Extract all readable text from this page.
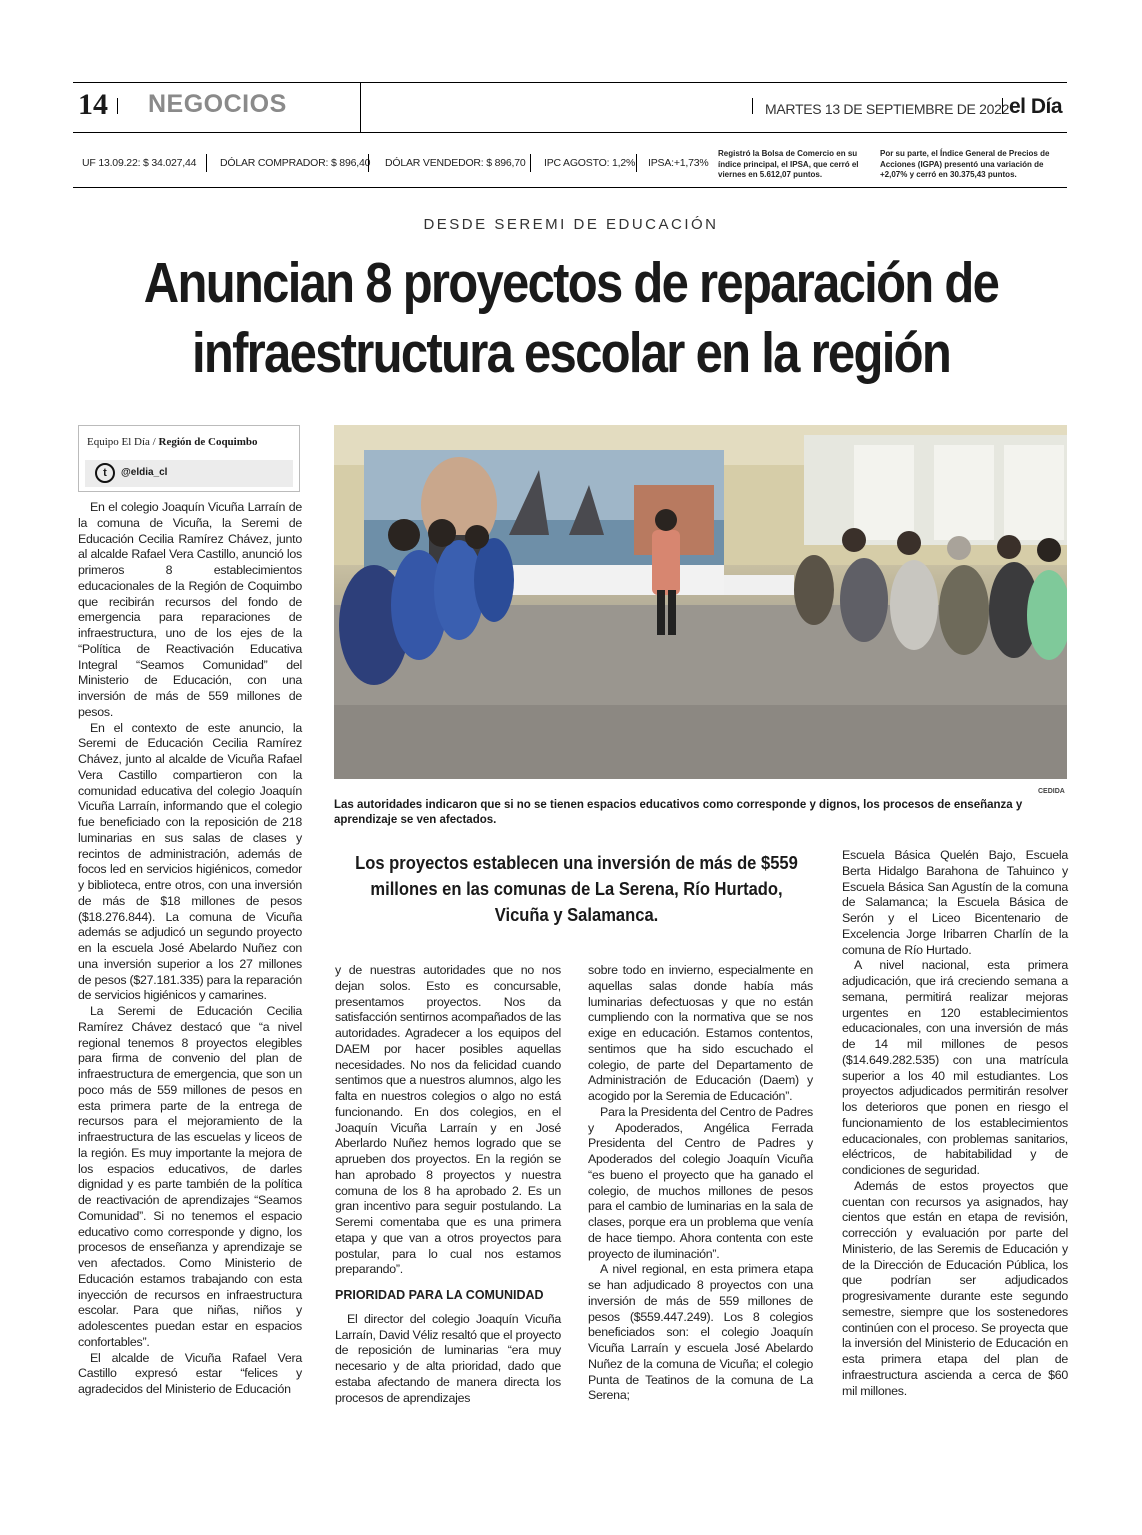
14 NEGOCIOS	MARTES 13 DE SEPTIEMBRE DE 2022 el Día
UF 13.09.22: $ 34.027,44 DÓLAR COMPRADOR: $ 896,40 DÓLAR VENDEDOR: $ 896,70 IPC AGOSTO: 1,2% IPSA:+1,73%
Registró la Bolsa de Comercio en su índice principal, el IPSA, que cerró el viernes en 5.612,07 puntos.
Por su parte, el Índice General de Precios de Acciones (IGPA) presentó una variación de +2,07% y cerró en 30.375,43 puntos.
DESDE SEREMI DE EDUCACIÓN
Anuncian 8 proyectos de reparación de
infraestructura escolar en la región
Equipo El Día / Región de Coquimbo
t	@eldia_cl
CEDIDA
Las autoridades indicaron que si no se tienen espacios educativos como corresponde y dignos, los procesos de enseñanza y aprendizaje se ven afectados.
Los proyectos establecen una inversión de más de $559 millones en las comunas de La Serena, Río Hurtado, Vicuña y Salamanca.

En el colegio Joaquín Vicuña Larraín de la comuna de Vicuña, la Seremi de Educación Cecilia Ramírez Chávez, junto al alcalde Rafael Vera Castillo, anunció los primeros 8 establecimientos educacionales de la Región de Coquimbo que recibirán recursos del fondo de emergencia para reparaciones de infraestructura, uno de los ejes de la “Política de Reactivación Educativa Integral “Seamos Comunidad” del Ministerio de Educación, con una inversión de más de 559 millones de pesos.

En el contexto de este anuncio, la Seremi de Educación Cecilia Ramírez Chávez, junto al alcalde de Vicuña Rafael Vera Castillo compartieron con la comunidad educativa del colegio Joaquín Vicuña Larraín, informando que el colegio fue beneficiado con la reposición de 218 luminarias en sus salas de clases y recintos de administración, además de focos led en servicios higiénicos, comedor y biblioteca, entre otros, con una inversión de más de $18 millones de pesos ($18.276.844). La comuna de Vicuña además se adjudicó un segundo proyecto en la escuela José Abelardo Nuñez con una inversión superior a los 27 millones de pesos ($27.181.335) para la reparación de servicios higiénicos y camarines.

La Seremi de Educación Cecilia Ramírez Chávez destacó que “a nivel regional tenemos 8 proyectos elegibles para firma de convenio del plan de infraestructura de emergencia, que son un poco más de 559 millones de pesos en esta primera parte de la entrega de recursos para el mejoramiento de la infraestructura de las escuelas y liceos de la región. Es muy importante la mejora de los espacios educativos, de darles dignidad y es parte también de la política de reactivación de aprendizajes “Seamos Comunidad”. Si no tenemos el espacio educativo como corresponde y digno, los procesos de enseñanza y aprendizaje se ven afectados. Como Ministerio de Educación estamos trabajando con esta inyección de recursos en infraestructura escolar. Para que niñas, niños y adolescentes puedan estar en espacios confortables”.

El alcalde de Vicuña Rafael Vera Castillo expresó estar “felices y agradecidos del Ministerio de Educación

y de nuestras autoridades que no nos dejan solos. Esto es concursable, presentamos proyectos. Nos da satisfacción sentirnos acompañados de las autoridades. Agradecer a los equipos del DAEM por hacer posibles aquellas necesidades. No nos da felicidad cuando sentimos que a nuestros alumnos, algo les falta en nuestros colegios o algo no está funcionando. En dos colegios, en el Joaquín Vicuña Larraín y en José Aberlardo Nuñez hemos logrado que se aprueben dos proyectos. En la región se han aprobado 8 proyectos y nuestra comuna de los 8 ha aprobado 2. Es un gran incentivo para seguir postulando. La Seremi comentaba que es una primera etapa y que van a otros proyectos para postular, para lo cual nos estamos preparando”.

PRIORIDAD PARA LA COMUNIDAD

El director del colegio Joaquín Vicuña Larraín, David Véliz resaltó que el proyecto de reposición de luminarias “era muy necesario y de alta prioridad, dado que estaba afectando de manera directa los procesos de aprendizajes

sobre todo en invierno, especialmente en aquellas salas donde había más luminarias defectuosas y que no están cumpliendo con la normativa que se nos exige en educación. Estamos contentos, sentimos que ha sido escuchado el colegio, de parte del Departamento de Administración de Educación (Daem) y acogido por la Seremia de Educación”.

Para la Presidenta del Centro de Padres y Apoderados, Angélica Ferrada Presidenta del Centro de Padres y Apoderados del colegio Joaquín Vicuña “es bueno el proyecto que ha ganado el colegio, de muchos millones de pesos para el cambio de luminarias en la sala de clases, porque era un problema que venía de hace tiempo. Ahora contenta con este proyecto de iluminación”.

A nivel regional, en esta primera etapa se han adjudicado 8 proyectos con una inversión de más de 559 millones de pesos ($559.447.249). Los 8 colegios beneficiados son: el colegio Joaquín Vicuña Larraín y escuela José Abelardo Nuñez de la comuna de Vicuña; el colegio Punta de Teatinos de la comuna de La Serena;

Escuela Básica Quelén Bajo, Escuela Berta Hidalgo Barahona de Tahuinco y Escuela Básica San Agustín de la comuna de Salamanca; la Escuela Básica de Serón y el Liceo Bicentenario de Excelencia Jorge Iribarren Charlín de la comuna de Río Hurtado.

A nivel nacional, esta primera adjudicación, que irá creciendo semana a semana, permitirá realizar mejoras urgentes en 120 establecimientos educacionales, con una inversión de más de 14 mil millones de pesos ($14.649.282.535) con una matrícula superior a los 40 mil estudiantes. Los proyectos adjudicados permitirán resolver los deterioros que ponen en riesgo el funcionamiento de los establecimientos educacionales, con problemas sanitarios, eléctricos, de habitabilidad y de condiciones de seguridad.

Además de estos proyectos que cuentan con recursos ya asignados, hay cientos que están en etapa de revisión, corrección y evaluación por parte del Ministerio, de las Seremis de Educación y de la Dirección de Educación Pública, los que podrían ser adjudicados progresivamente durante este segundo semestre, siempre que los sostenedores continúen con el proceso. Se proyecta que la inversión del Ministerio de Educación en esta primera etapa del plan de infraestructura ascienda a cerca de $60 mil millones.
